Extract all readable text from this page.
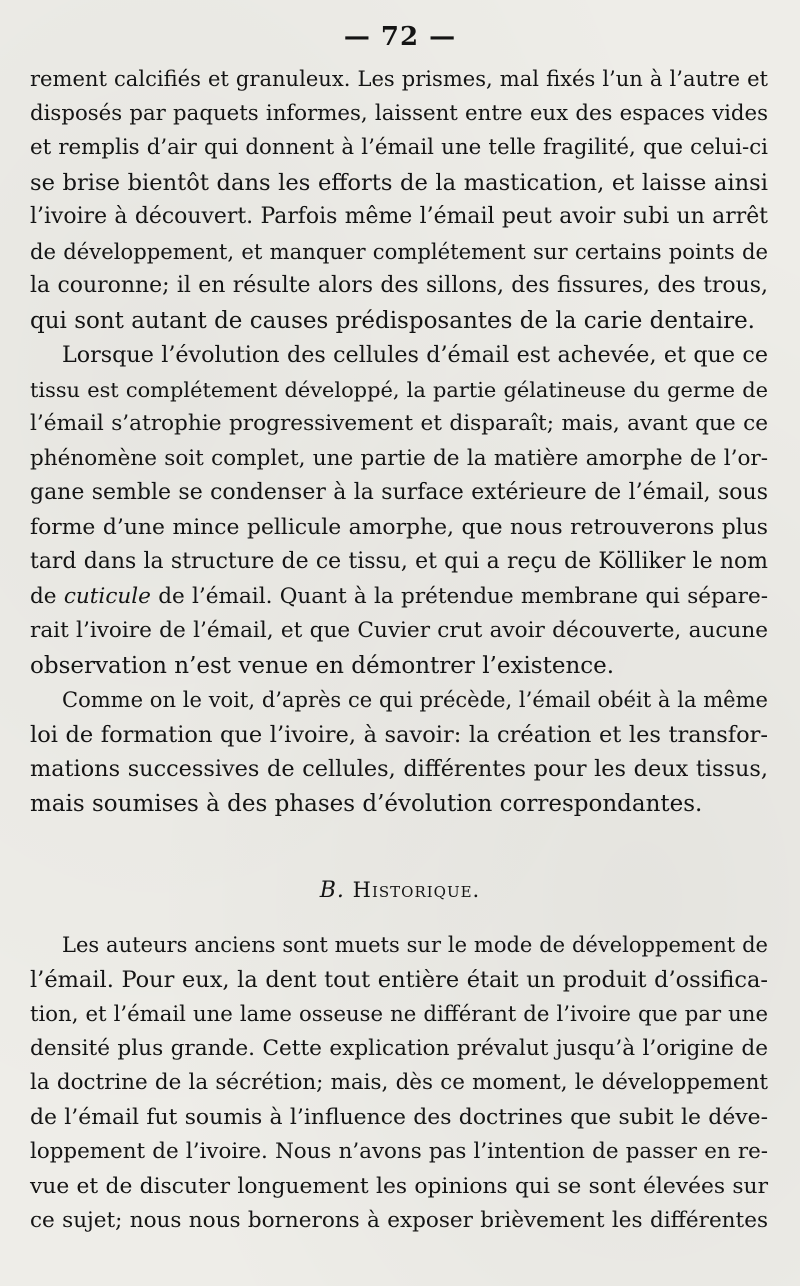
— 72 —
rement calcifiés et granuleux. Les prismes, mal fixés l’un à l’autre et
disposés par paquets informes, laissent entre eux des espaces vides
et remplis d’air qui donnent à l’émail une telle fragilité, que celui-ci
se brise bientôt dans les efforts de la mastication, et laisse ainsi
l’ivoire à découvert. Parfois même l’émail peut avoir subi un arrêt
de développement, et manquer complétement sur certains points de
la couronne; il en résulte alors des sillons, des fissures, des trous,
qui sont autant de causes prédisposantes de la carie dentaire.
Lorsque l’évolution des cellules d’émail est achevée, et que ce
tissu est complétement développé, la partie gélatineuse du germe de
l’émail s’atrophie progressivement et disparaît; mais, avant que ce
phénomène soit complet, une partie de la matière amorphe de l’or-
gane semble se condenser à la surface extérieure de l’émail, sous
forme d’une mince pellicule amorphe, que nous retrouverons plus
tard dans la structure de ce tissu, et qui a reçu de Kölliker le nom
de cuticule de l’émail. Quant à la prétendue membrane qui sépare-
rait l’ivoire de l’émail, et que Cuvier crut avoir découverte, aucune
observation n’est venue en démontrer l’existence.
Comme on le voit, d’après ce qui précède, l’émail obéit à la même
loi de formation que l’ivoire, à savoir: la création et les transfor-
mations successives de cellules, différentes pour les deux tissus,
mais soumises à des phases d’évolution correspondantes.
B. Historique.
Les auteurs anciens sont muets sur le mode de développement de
l’émail. Pour eux, la dent tout entière était un produit d’ossifica-
tion, et l’émail une lame osseuse ne différant de l’ivoire que par une
densité plus grande. Cette explication prévalut jusqu’à l’origine de
la doctrine de la sécrétion; mais, dès ce moment, le développement
de l’émail fut soumis à l’influence des doctrines que subit le déve-
loppement de l’ivoire. Nous n’avons pas l’intention de passer en re-
vue et de discuter longuement les opinions qui se sont élevées sur
ce sujet; nous nous bornerons à exposer brièvement les différentes
